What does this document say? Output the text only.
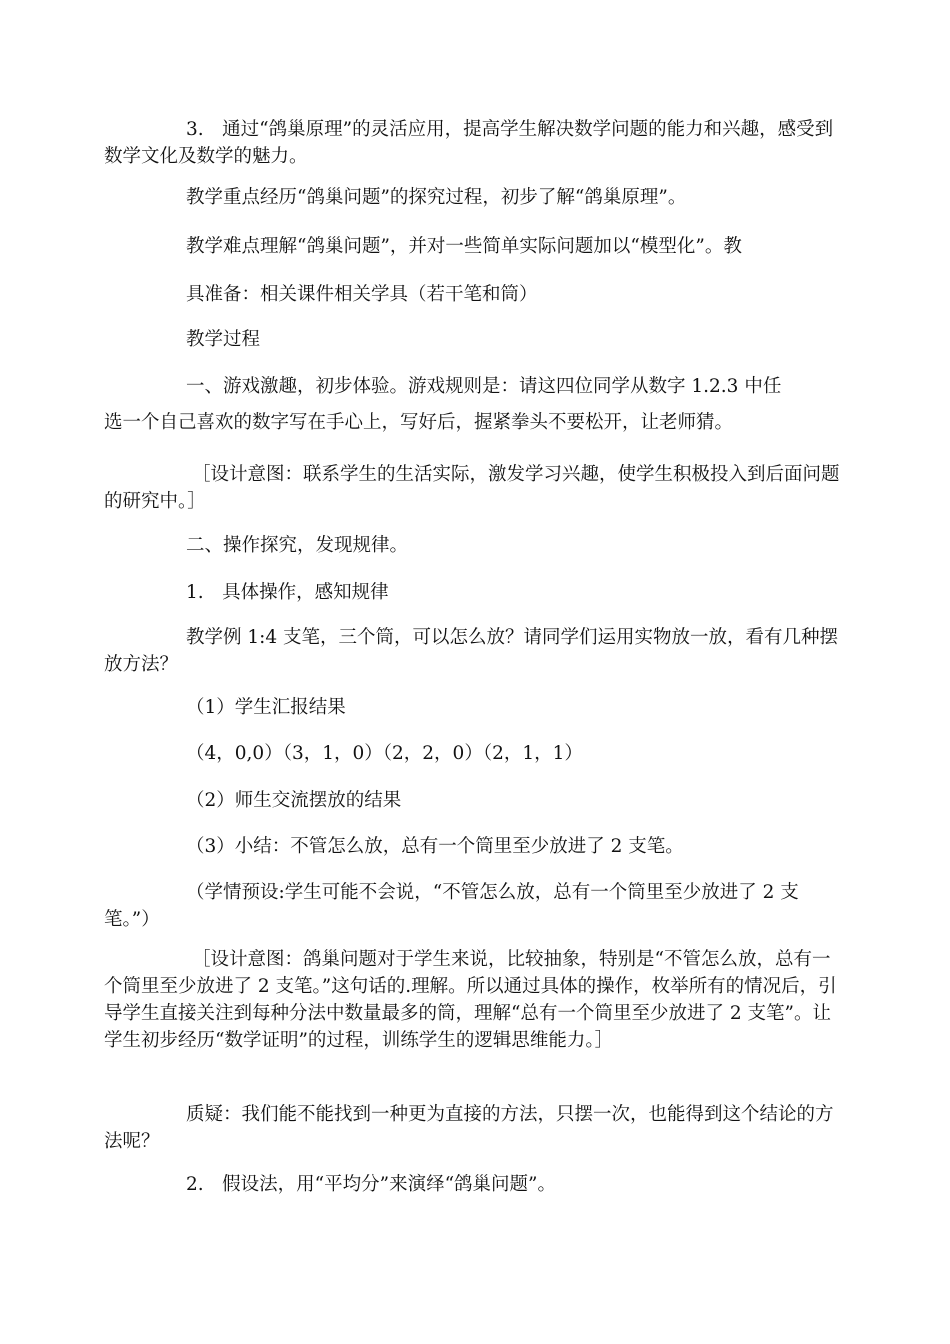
3.　通过“鸽巢原理”的灵活应用，提高学生解决数学问题的能力和兴趣，感受到数学文化及数学的魅力。

教学重点经历“鸽巢问题”的探究过程，初步了解“鸽巢原理”。

教学难点理解“鸽巢问题”，并对一些简单实际问题加以“模型化”。教

具准备：相关课件相关学具（若干笔和筒）

教学过程

一、游戏激趣，初步体验。游戏规则是：请这四位同学从数字 1.2.3 中任

选一个自己喜欢的数字写在手心上，写好后，握紧拳头不要松开，让老师猜。

［设计意图：联系学生的生活实际，激发学习兴趣，使学生积极投入到后面问题的研究中。］

二、操作探究，发现规律。

1.　具体操作，感知规律

教学例 1:4 支笔，三个筒，可以怎么放？请同学们运用实物放一放，看有几种摆放方法？

（1）学生汇报结果

（4，0,0）（3，1，0）（2，2，0）（2，1，1）

（2）师生交流摆放的结果

（3）小结：不管怎么放，总有一个筒里至少放进了 2 支笔。

（学情预设:学生可能不会说，“不管怎么放，总有一个筒里至少放进了 2 支笔。”）

［设计意图：鸽巢问题对于学生来说，比较抽象，特别是“不管怎么放，总有一个筒里至少放进了 2 支笔。”这句话的.理解。所以通过具体的操作，枚举所有的情况后，引导学生直接关注到每种分法中数量最多的筒，理解“总有一个筒里至少放进了 2 支笔”。让学生初步经历“数学证明”的过程，训练学生的逻辑思维能力。］

质疑：我们能不能找到一种更为直接的方法，只摆一次，也能得到这个结论的方法呢？

2.　假设法，用“平均分”来演绎“鸽巢问题”。
